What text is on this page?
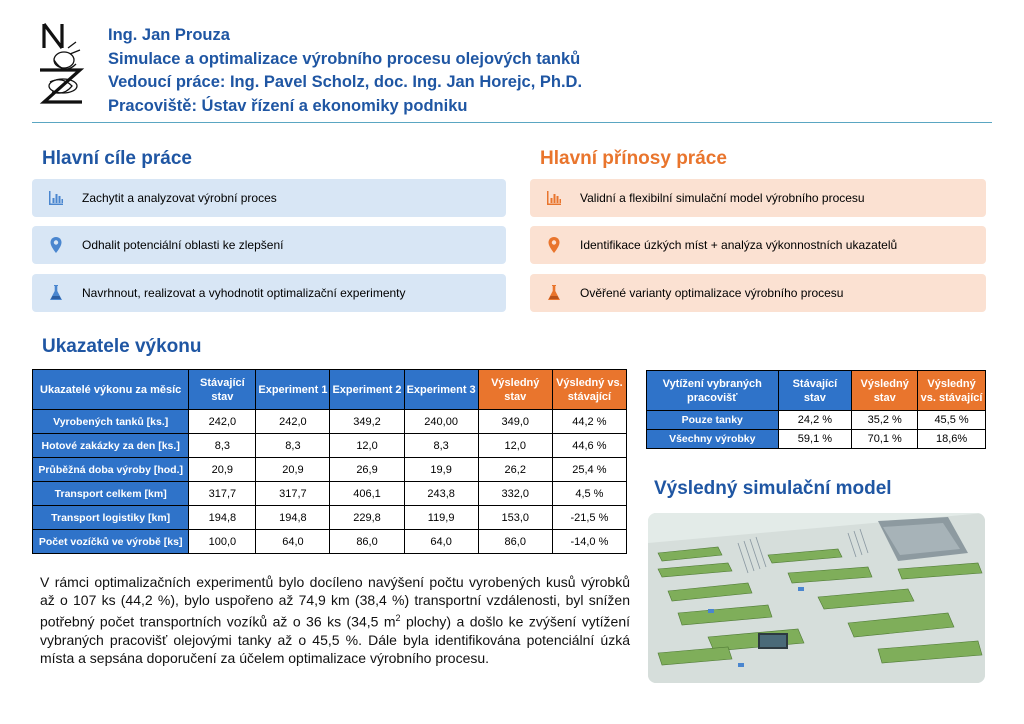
Ing. Jan Prouza
Simulace a optimalizace výrobního procesu olejových tanků
Vedoucí práce: Ing. Pavel Scholz, doc. Ing. Jan Horejc, Ph.D.
Pracoviště: Ústav řízení a ekonomiky podniku
Hlavní cíle práce
Zachytit a analyzovat výrobní proces
Odhalit potenciální oblasti ke zlepšení
Navrhnout, realizovat a vyhodnotit optimalizační experimenty
Hlavní přínosy práce
Validní a flexibilní simulační model výrobního procesu
Identifikace úzkých míst + analýza výkonnostních ukazatelů
Ověřené varianty optimalizace výrobního procesu
Ukazatele výkonu
Ukazatelé výkonu za měsíc	Stávající stav	Experiment 1	Experiment 2	Experiment 3	Výsledný stav	Výsledný vs. stávající
Vyrobených tanků [ks.]	242,0	242,0	349,2	240,00	349,0	44,2 %
Hotové zakázky za den [ks.]	8,3	8,3	12,0	8,3	12,0	44,6 %
Průběžná doba výroby [hod.]	20,9	20,9	26,9	19,9	26,2	25,4 %
Transport celkem [km]	317,7	317,7	406,1	243,8	332,0	4,5 %
Transport logistiky [km]	194,8	194,8	229,8	119,9	153,0	-21,5 %
Počet vozíčků ve výrobě [ks]	100,0	64,0	86,0	64,0	86,0	-14,0 %
Vytížení vybraných pracovišť	Stávající stav	Výsledný stav	Výsledný vs. stávající
Pouze tanky	24,2 %	35,2 %	45,5 %
Všechny výrobky	59,1 %	70,1 %	18,6%
Výsledný simulační model
V rámci optimalizačních experimentů bylo docíleno navýšení počtu vyrobených kusů výrobků až o 107 ks (44,2 %), bylo uspořeno až 74,9 km (38,4 %) transportní vzdálenosti, byl snížen potřebný počet transportních vozíků až o 36 ks (34,5 $m^2$ plochy) a došlo ke zvýšení vytížení vybraných pracovišť olejovými tanky až o 45,5 %. Dále byla identifikována potenciální úzká místa a sepsána doporučení za účelem optimalizace výrobního procesu.
